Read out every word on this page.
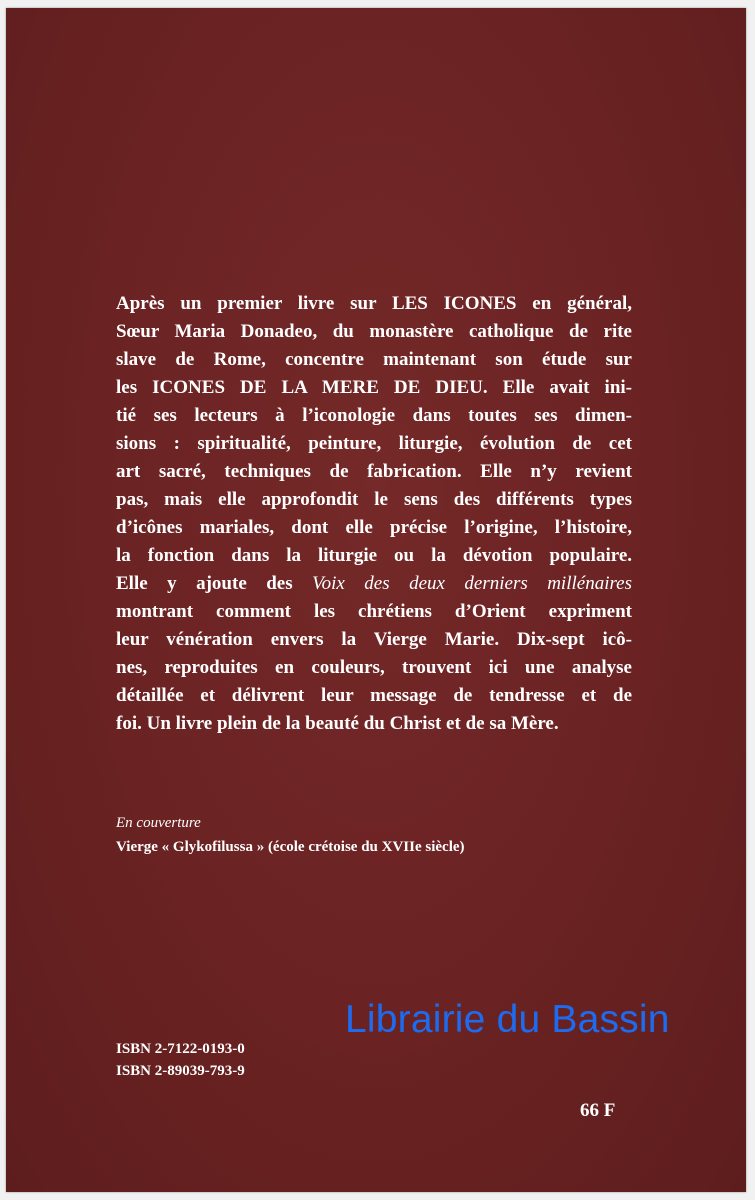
Après un premier livre sur LES ICONES en général,
Sœur Maria Donadeo, du monastère catholique de rite
slave de Rome, concentre maintenant son étude sur
les ICONES DE LA MERE DE DIEU. Elle avait ini-
tié ses lecteurs à l’iconologie dans toutes ses dimen-
sions : spiritualité, peinture, liturgie, évolution de cet
art sacré, techniques de fabrication. Elle n’y revient
pas, mais elle approfondit le sens des différents types
d’icônes mariales, dont elle précise l’origine, l’histoire,
la fonction dans la liturgie ou la dévotion populaire.
Elle y ajoute des Voix des deux derniers millénaires
montrant comment les chrétiens d’Orient expriment
leur vénération envers la Vierge Marie. Dix-sept icô-
nes, reproduites en couleurs, trouvent ici une analyse
détaillée et délivrent leur message de tendresse et de
foi. Un livre plein de la beauté du Christ et de sa Mère.
En couverture
Vierge « Glykofilussa » (école crétoise du XVIIe siècle)
ISBN 2-7122-0193-0
ISBN 2-89039-793-9
66 F
Librairie du Bassin
